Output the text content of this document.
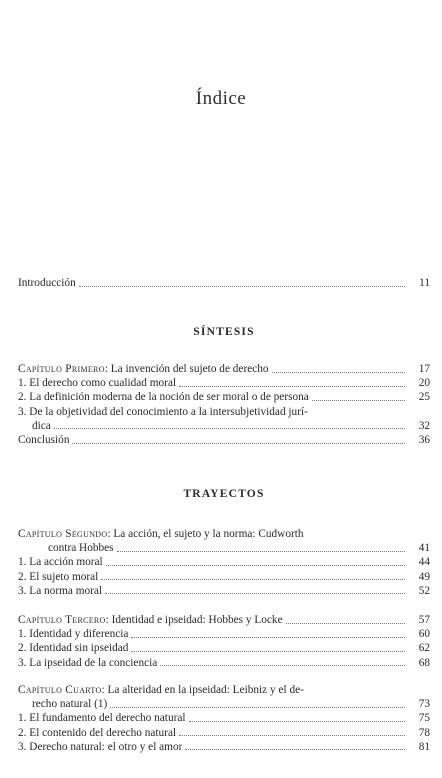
Índice
Introducción	11
SÍNTESIS
Capítulo Primero: La invención del sujeto de derecho	17
1. El derecho como cualidad moral	20
2. La definición moderna de la noción de ser moral o de persona	25
3. De la objetividad del conocimiento a la intersubjetividad jurí-
dica	32
Conclusión	36
TRAYECTOS
Capítulo Segundo: La acción, el sujeto y la norma: Cudworth
contra Hobbes	41
1. La acción moral	44
2. El sujeto moral	49
3. La norma moral	52
Capítulo Tercero: Identidad e ipseidad: Hobbes y Locke	57
1. Identidad y diferencia	60
2. Identidad sin ipseidad	62
3. La ipseidad de la conciencia	68
Capítulo Cuarto: La alteridad en la ipseidad: Leibniz y el de-
recho natural (1)	73
1. El fundamento del derecho natural	75
2. El contenido del derecho natural	78
3. Derecho natural: el otro y el amor	81
